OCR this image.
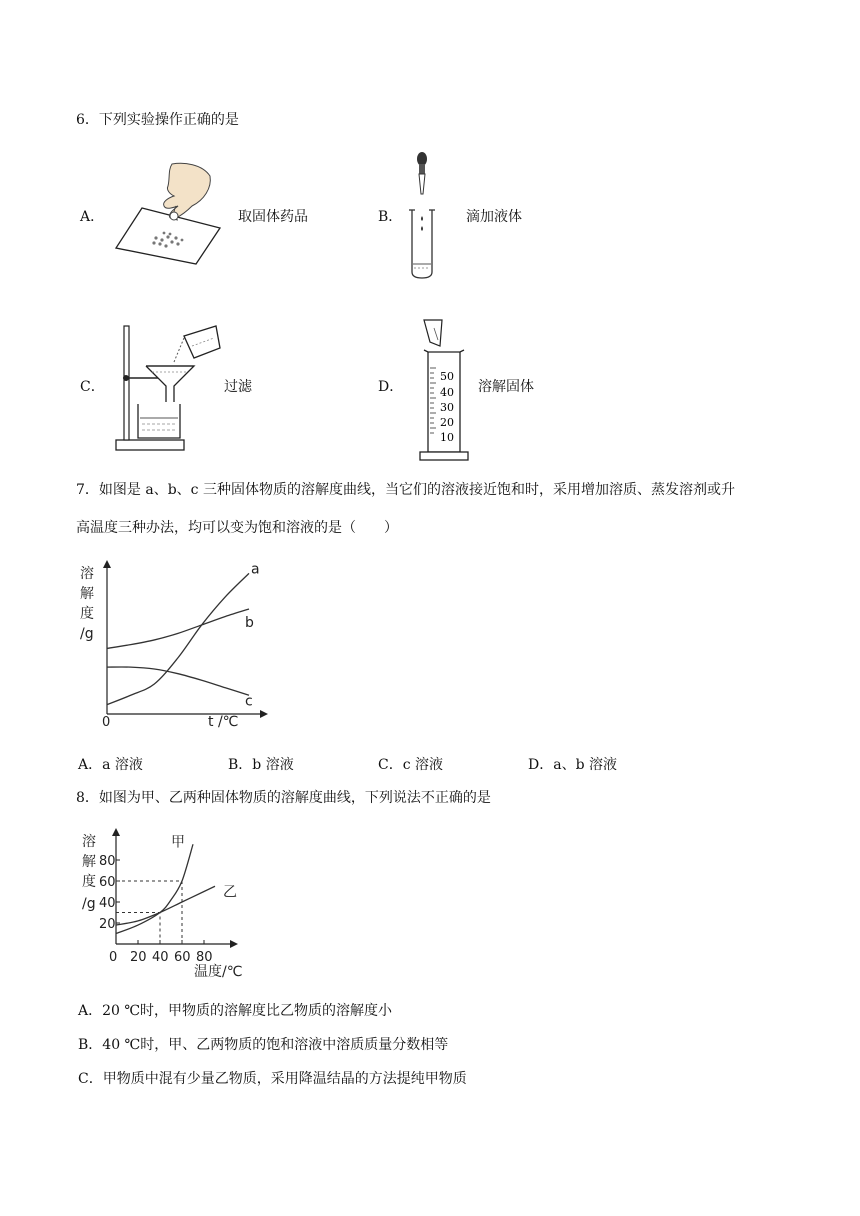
6．下列实验操作正确的是
A．	取固体药品	B．	滴加液体
C．	过滤	D．
50
40
30
20
10
溶解固体
7．如图是 a、b、c 三种固体物质的溶解度曲线，当它们的溶液接近饱和时，采用增加溶质、蒸发溶剂或升
高温度三种办法，均可以变为饱和溶液的是（　　）
溶
解
度
/g
0	t /℃
a
b
c
A．a 溶液	B．b 溶液	C．c 溶液	D．a、b 溶液
8．如图为甲、乙两种固体物质的溶解度曲线，下列说法不正确的是
溶
解
度
/g
0
温度/℃
20 40 60 80
20
40
60
80
甲
乙
A．20 ℃时，甲物质的溶解度比乙物质的溶解度小
B．40 ℃时，甲、乙两物质的饱和溶液中溶质质量分数相等
C．甲物质中混有少量乙物质，采用降温结晶的方法提纯甲物质
